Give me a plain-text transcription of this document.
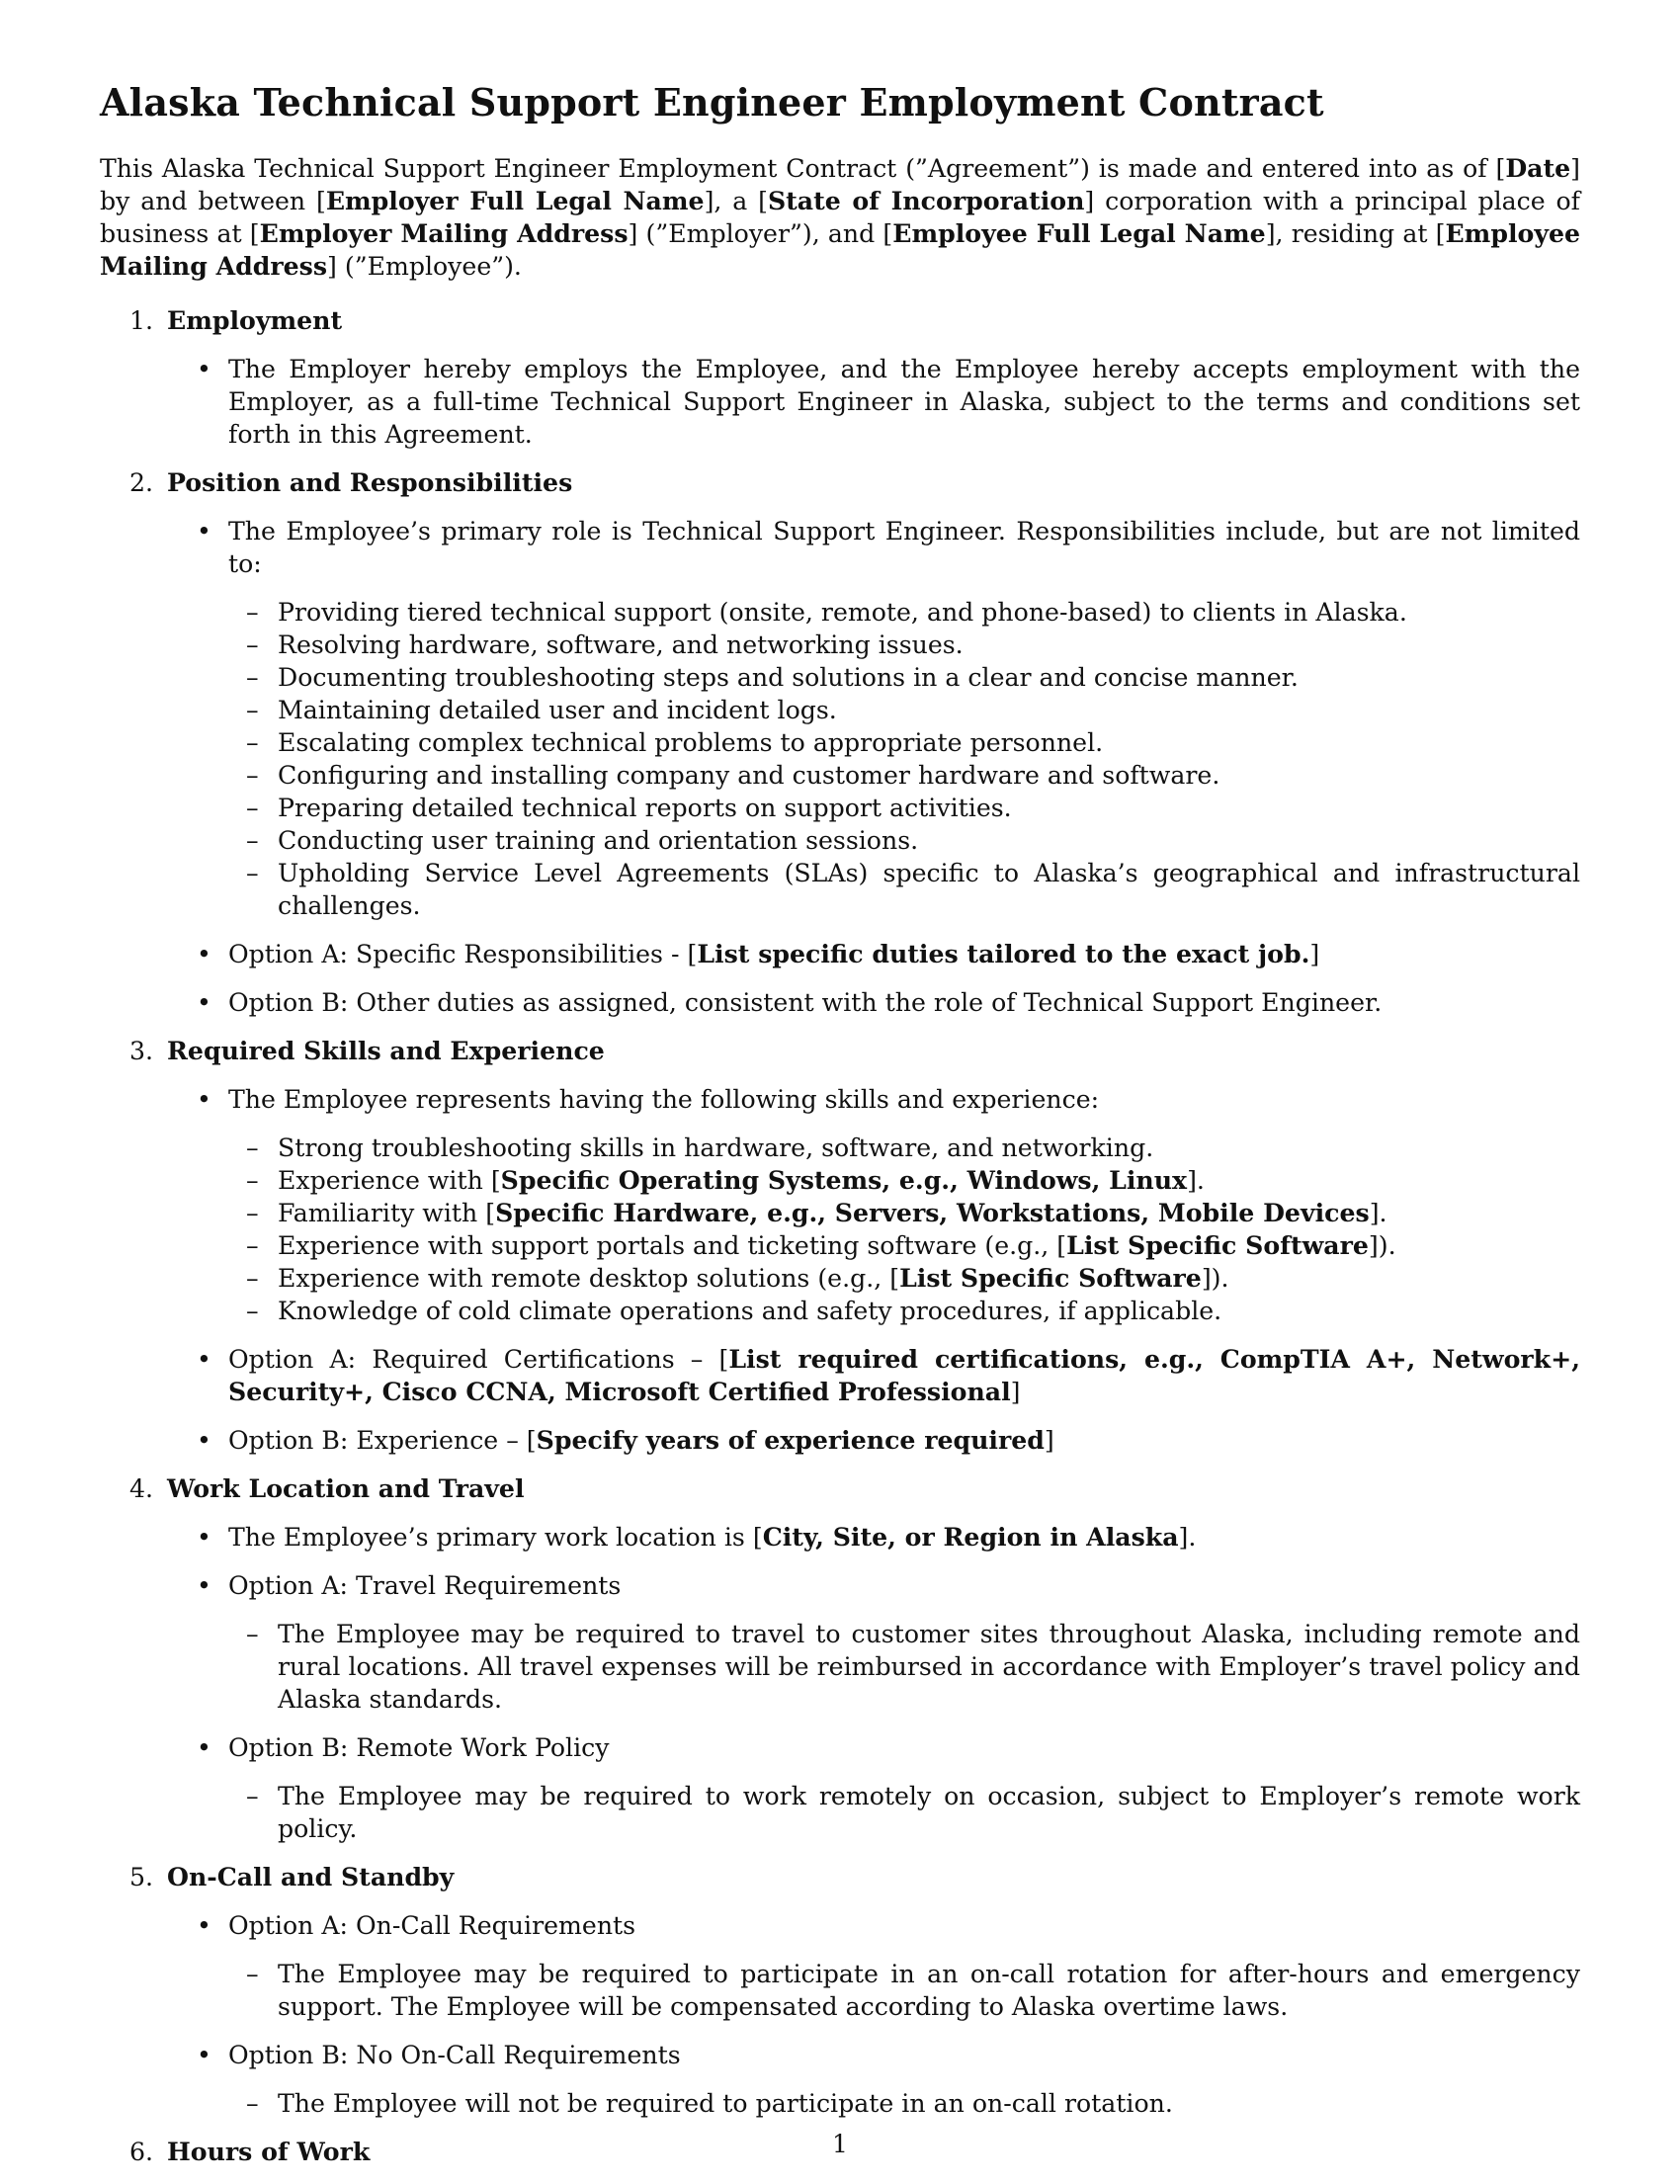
Alaska Technical Support Engineer Employment Contract

This Alaska Technical Support Engineer Employment Contract (”Agreement”) is made and entered into as of [Date] by and between [Employer Full Legal Name], a [State of Incorporation] corporation with a principal place of business at [Employer Mailing Address] (”Employer”), and [Employee Full Legal Name], residing at [Employee Mailing Address] (”Employee”).

1. Employment
• The Employer hereby employs the Employee, and the Employee hereby accepts employment with the Employer, as a full-time Technical Support Engineer in Alaska, subject to the terms and conditions set forth in this Agreement.
2. Position and Responsibilities
• The Employee’s primary role is Technical Support Engineer. Responsibilities include, but are not limited to:
– Providing tiered technical support (onsite, remote, and phone-based) to clients in Alaska.
– Resolving hardware, software, and networking issues.
– Documenting troubleshooting steps and solutions in a clear and concise manner.
– Maintaining detailed user and incident logs.
– Escalating complex technical problems to appropriate personnel.
– Configuring and installing company and customer hardware and software.
– Preparing detailed technical reports on support activities.
– Conducting user training and orientation sessions.
– Upholding Service Level Agreements (SLAs) specific to Alaska’s geographical and infrastructural challenges.
• Option A: Specific Responsibilities - [List specific duties tailored to the exact job.]
• Option B: Other duties as assigned, consistent with the role of Technical Support Engineer.
3. Required Skills and Experience
• The Employee represents having the following skills and experience:
– Strong troubleshooting skills in hardware, software, and networking.
– Experience with [Specific Operating Systems, e.g., Windows, Linux].
– Familiarity with [Specific Hardware, e.g., Servers, Workstations, Mobile Devices].
– Experience with support portals and ticketing software (e.g., [List Specific Software]).
– Experience with remote desktop solutions (e.g., [List Specific Software]).
– Knowledge of cold climate operations and safety procedures, if applicable.
• Option A: Required Certifications – [List required certifications, e.g., CompTIA A+, Network+, Security+, Cisco CCNA, Microsoft Certified Professional]
• Option B: Experience – [Specify years of experience required]
4. Work Location and Travel
• The Employee’s primary work location is [City, Site, or Region in Alaska].
• Option A: Travel Requirements
– The Employee may be required to travel to customer sites throughout Alaska, including remote and rural locations. All travel expenses will be reimbursed in accordance with Employer’s travel policy and Alaska standards.
• Option B: Remote Work Policy
– The Employee may be required to work remotely on occasion, subject to Employer’s remote work policy.
5. On-Call and Standby
• Option A: On-Call Requirements
– The Employee may be required to participate in an on-call rotation for after-hours and emergency support. The Employee will be compensated according to Alaska overtime laws.
• Option B: No On-Call Requirements
– The Employee will not be required to participate in an on-call rotation.
6. Hours of Work	1
